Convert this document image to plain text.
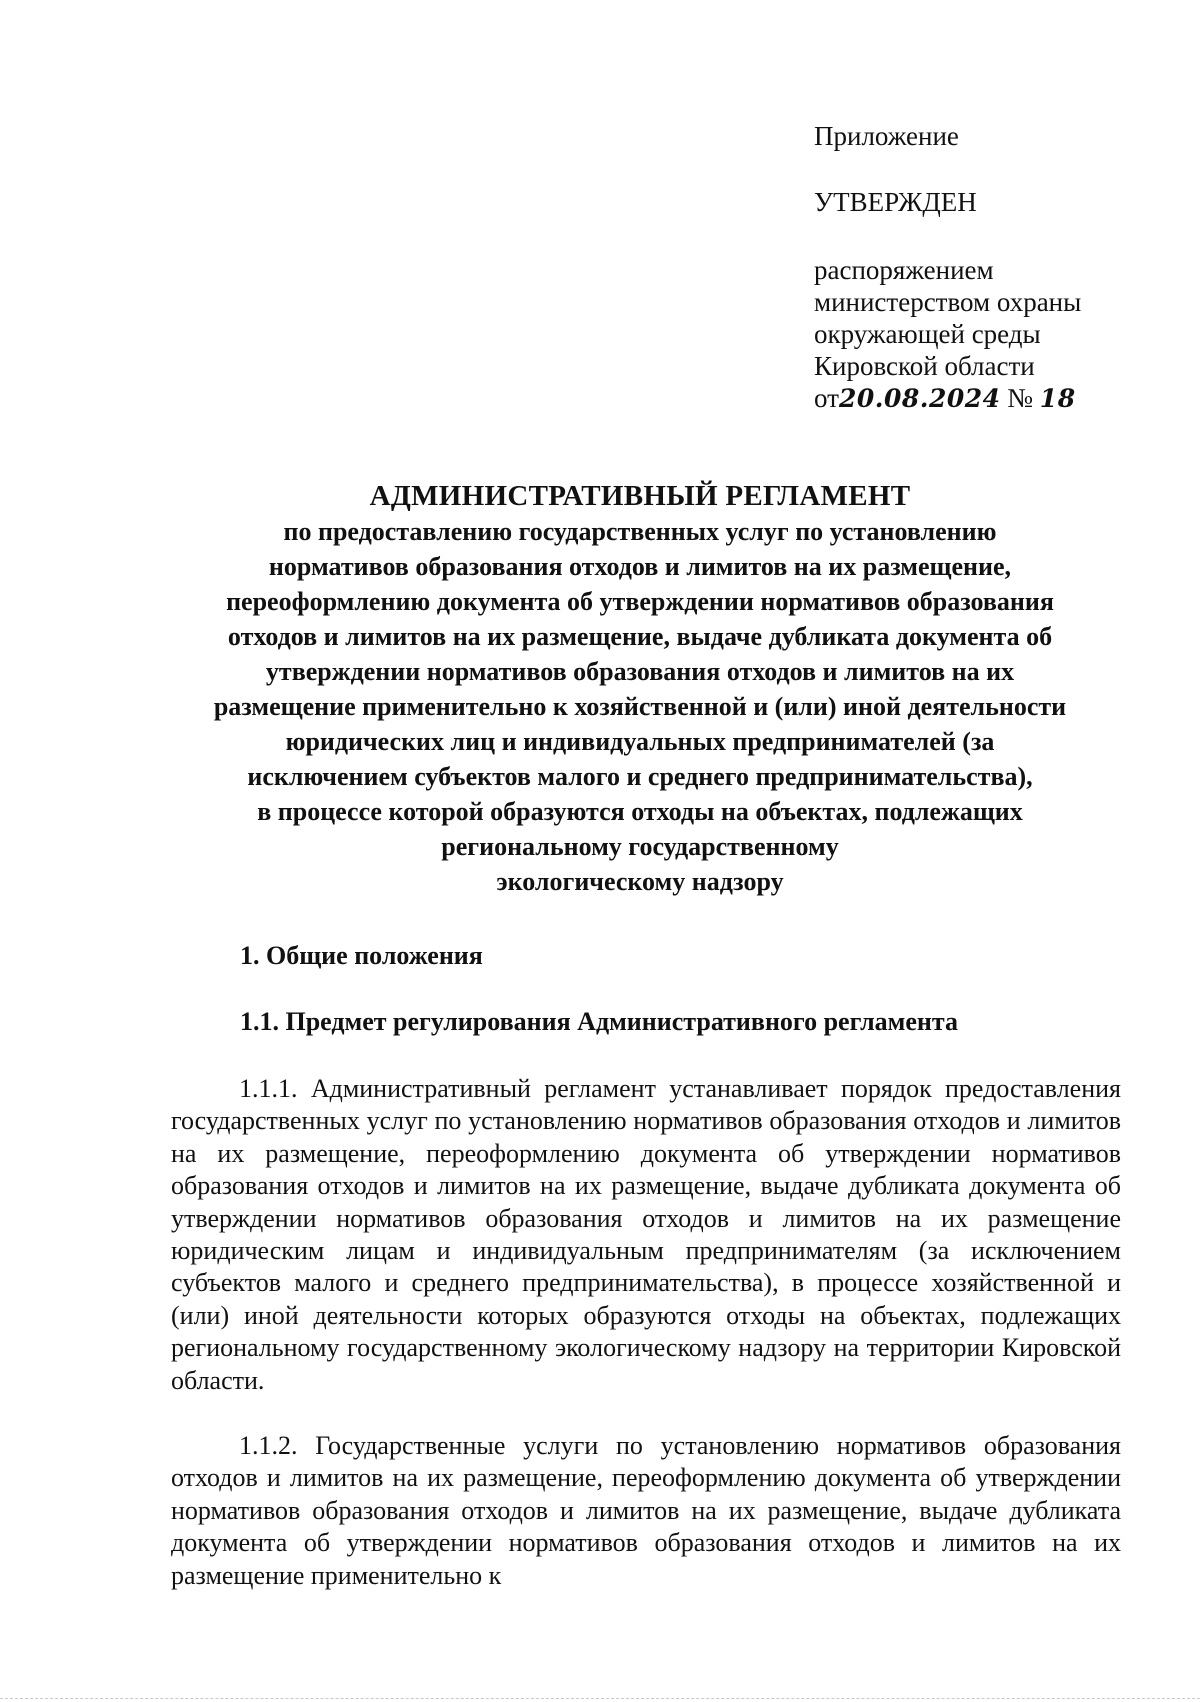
Приложение
УТВЕРЖДЕН
распоряжением
министерством охраны
окружающей среды
Кировской области
от20.08.2024 № 18
АДМИНИСТРАТИВНЫЙ РЕГЛАМЕНТ
по предоставлению государственных услуг по установлению
нормативов образования отходов и лимитов на их размещение,
переоформлению документа об утверждении нормативов образования
отходов и лимитов на их размещение, выдаче дубликата документа об
утверждении нормативов образования отходов и лимитов на их
размещение применительно к хозяйственной и (или) иной деятельности
юридических лиц и индивидуальных предпринимателей (за
исключением субъектов малого и среднего предпринимательства),
в процессе которой образуются отходы на объектах, подлежащих
региональному государственному
экологическому надзору
1. Общие положения
1.1. Предмет регулирования Административного регламента

1.1.1. Административный регламент устанавливает порядок предоставления государственных услуг по установлению нормативов образования отходов и лимитов на их размещение, переоформлению документа об утверждении нормативов образования отходов и лимитов на их размещение, выдаче дубликата документа об утверждении нормативов образования отходов и лимитов на их размещение юридическим лицам и индивидуальным предпринимателям (за исключением субъектов малого и среднего предпринимательства), в процессе хозяйственной и (или) иной деятельности которых образуются отходы на объектах, подлежащих региональному государственному экологическому надзору на территории Кировской области.

1.1.2. Государственные услуги по установлению нормативов образования отходов и лимитов на их размещение, переоформлению документа об утверждении нормативов образования отходов и лимитов на их размещение, выдаче дубликата документа об утверждении нормативов образования отходов и лимитов на их размещение применительно к
